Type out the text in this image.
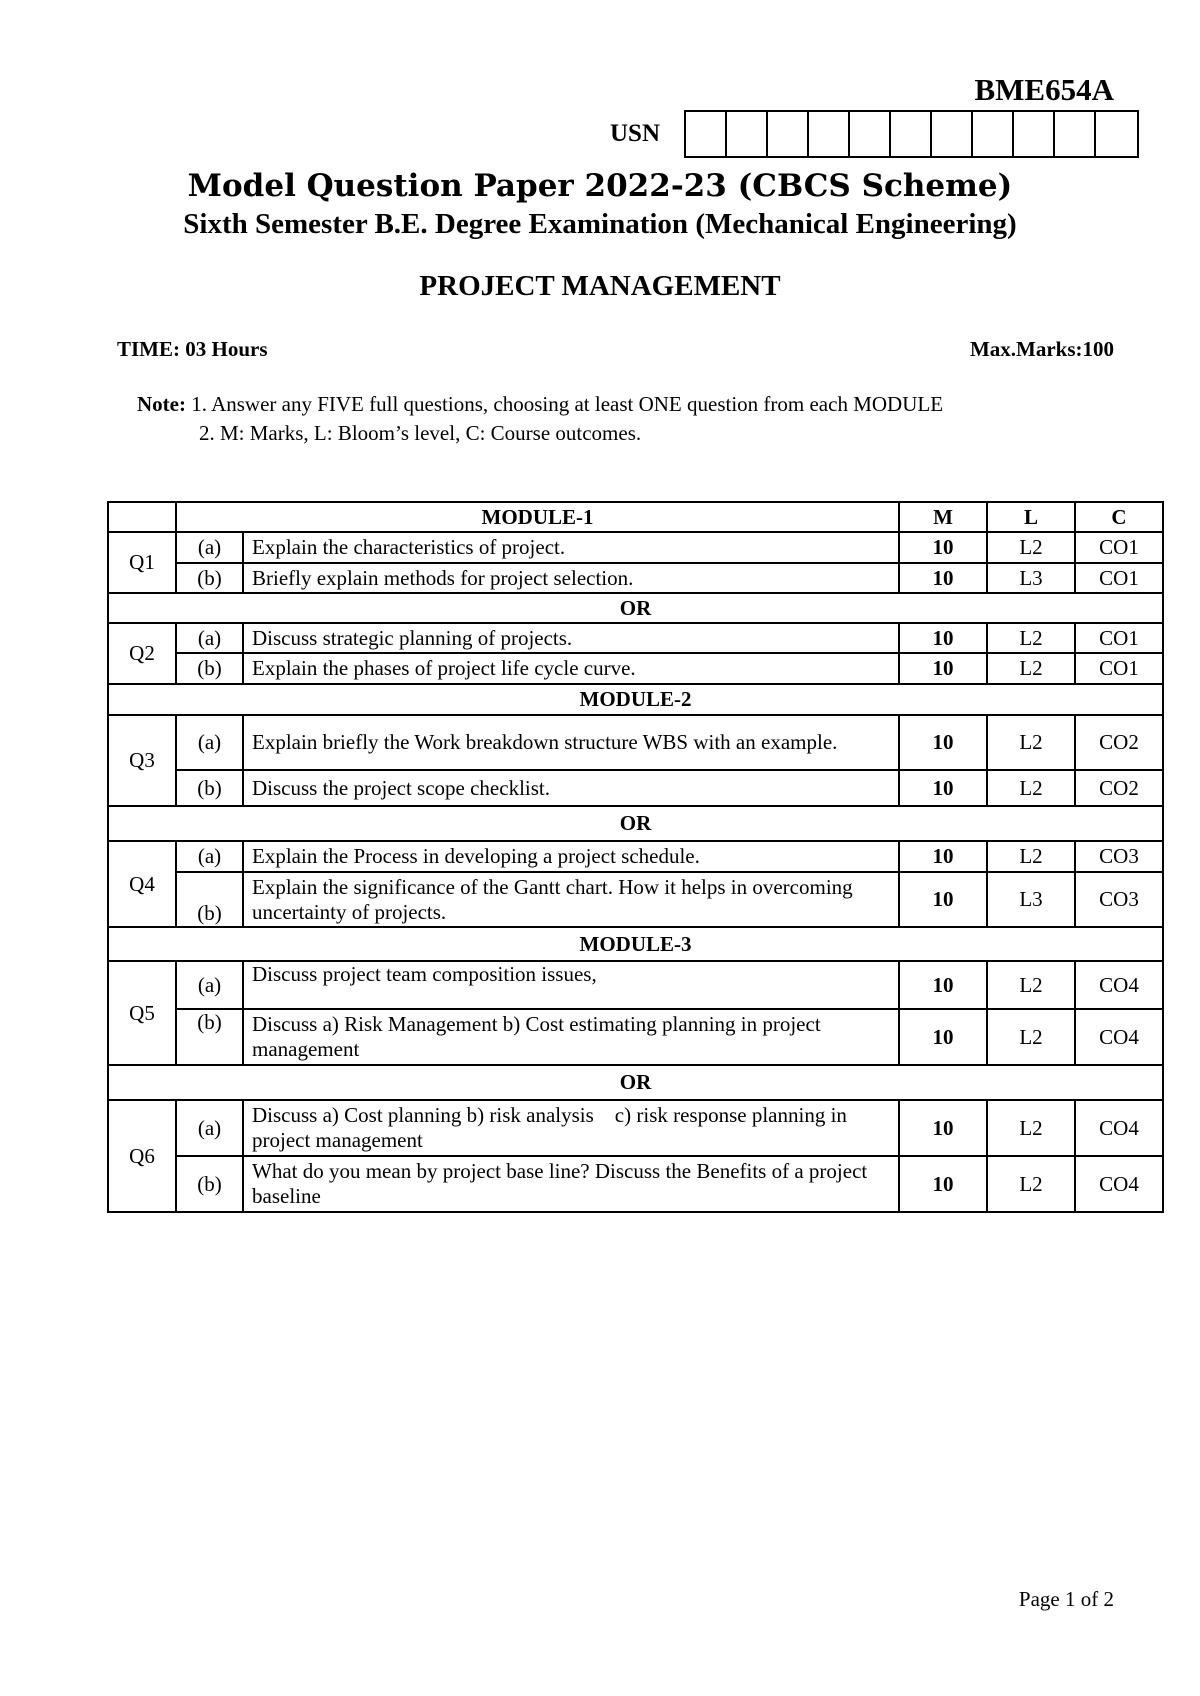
BME654A
USN
Model Question Paper 2022-23 (CBCS Scheme)
Sixth Semester B.E. Degree Examination (Mechanical Engineering)
PROJECT MANAGEMENT
TIME: 03 Hours	Max.Marks:100
Note: 1. Answer any FIVE full questions, choosing at least ONE question from each MODULE
2. M: Marks, L: Bloom’s level, C: Course outcomes.
	MODULE-1		M	L	C
Q1	(a)	Explain the characteristics of project.	10	L2	CO1
	(b)	Briefly explain methods for project selection.	10	L3	CO1
OR					
Q2	(a)	Discuss strategic planning of projects.	10	L2	CO1
	(b)	Explain the phases of project life cycle curve.	10	L2	CO1
MODULE-2					
Q3	(a)	Explain briefly the Work breakdown structure WBS with an example.	10	L2	CO2
	(b)	Discuss the project scope checklist.	10	L2	CO2
OR					
Q4	(a)	Explain the Process in developing a project schedule.	10	L2	CO3
	(b)	Explain the significance of the Gantt chart. How it helps in overcoming uncertainty of projects.	10	L3	CO3
MODULE-3					
Q5	(a)	Discuss project team composition issues,	10	L2	CO4
	(b)	Discuss a) Risk Management b) Cost estimating planning in project management	10	L2	CO4
OR					
Q6	(a)	Discuss a) Cost planning b) risk analysis    c) risk response planning in project management	10	L2	CO4
	(b)	What do you mean by project base line? Discuss the Benefits of a project baseline	10	L2	CO4
Page 1 of 2
